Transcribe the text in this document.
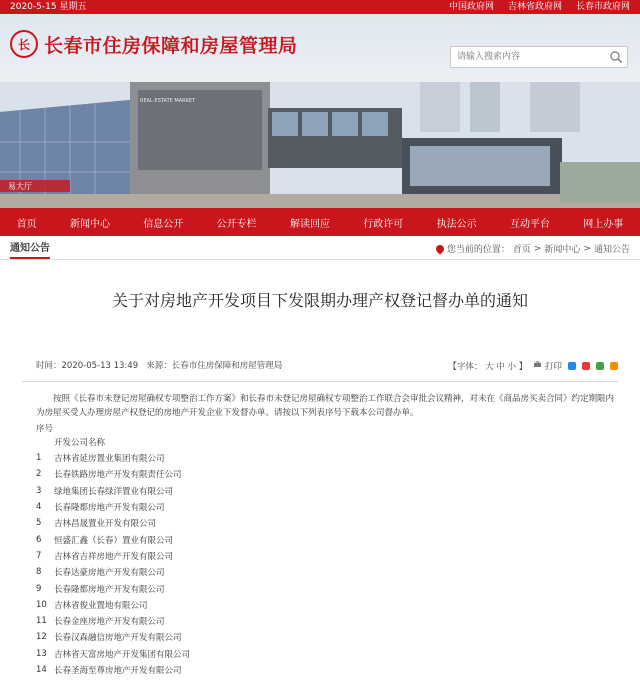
2020-5-15 星期五	中国政府网 吉林省政府网 长春市政府网
易大厅
REAL-ESTATE MARKET
长 长春市住房保障和房屋管理局
请输入搜索内容
首页	新闻中心	信息公开	公开专栏	解读回应	行政许可	执法公示	互动平台	网上办事
通知公告	您当前的位置： 首页 > 新闻中心 > 通知公告
关于对房地产开发项目下发限期办理产权登记督办单的通知
时间：2020-05-13 13:49 来源：长春市住房保障和房屋管理局	【字体： 大 中 小 】	打印

按照《长春市未登记房屋确权专项整治工作方案》和长春市未登记房屋确权专项整治工作联合会审批会议精神，对未在《商品房买卖合同》约定期限内为房屋买受人办理房屋产权登记的房地产开发企业下发督办单。请按以下列表序号下载本公司督办单。

序号
开发公司名称
1	吉林省延房置业集团有限公司
2	长春铁路房地产开发有限责任公司
3	绿地集团长春绿洋置业有限公司
4	长春隆都房地产开发有限公司
5	吉林昌晟置业开发有限公司
6	恒盛汇鑫（长春）置业有限公司
7	吉林省吉祥房地产开发有限公司
8	长春达豪房地产开发有限公司
9	长春隆都房地产开发有限公司
10 吉林省俊业置地有限公司
11 长春金座房地产开发有限公司
12 长春汉森融信房地产开发有限公司
13 吉林省天富房地产开发集团有限公司
14 长春圣海至尊房地产开发有限公司
